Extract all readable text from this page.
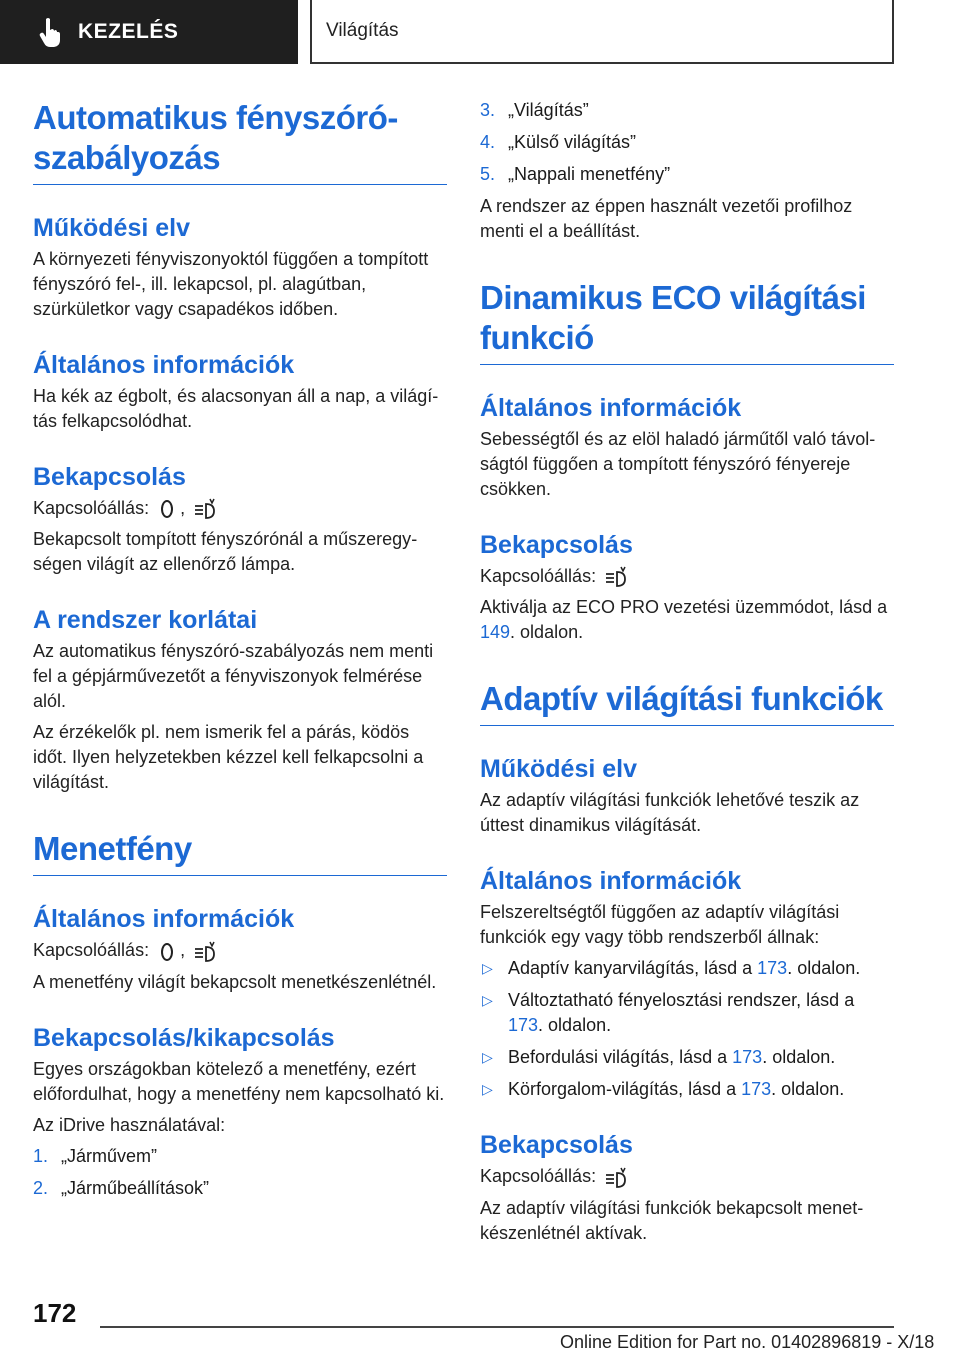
KEZELÉS	Világítás
Automatikus fényszóró-szabályozás
Működési elv

A környezeti fényviszonyoktól függően a tompított fényszóró fel-, ill. lekapcsol, pl. alagútban, szürkületkor vagy csapadékos időben.

Általános információk

Ha kék az égbolt, és alacsonyan áll a nap, a világítás felkapcsolódhat.

Bekapcsolás

Kapcsolóállás: ,

Bekapcsolt tompított fényszórónál a műszeregységen világít az ellenőrző lámpa.

A rendszer korlátai

Az automatikus fényszóró-szabályozás nem menti fel a gépjárművezetőt a fényviszonyok felmérése alól.

Az érzékelők pl. nem ismerik fel a párás, ködös időt. Ilyen helyzetekben kézzel kell felkapcsolni a világítást.

Menetfény
Általános információk

Kapcsolóállás: ,

A menetfény világít bekapcsolt menetkészenlétnél.

Bekapcsolás/kikapcsolás

Egyes országokban kötelező a menetfény, ezért előfordulhat, hogy a menetfény nem kapcsolható ki.

Az iDrive használatával:

1. „Járművem”
2. „Járműbeállítások”
3. „Világítás”
4. „Külső világítás”
5. „Nappali menetfény”

A rendszer az éppen használt vezetői profilhoz menti el a beállítást.

Dinamikus ECO világítási funkció
Általános információk

Sebességtől és az elöl haladó járműtől való távolságtól függően a tompított fényszóró fényereje csökken.

Bekapcsolás

Kapcsolóállás:

Aktiválja az ECO PRO vezetési üzemmódot, lásd a 149. oldalon.

Adaptív világítási funkciók
Működési elv

Az adaptív világítási funkciók lehetővé teszik az úttest dinamikus világítását.

Általános információk

Felszereltségtől függően az adaptív világítási funkciók egy vagy több rendszerből állnak:

▷ Adaptív kanyarvilágítás, lásd a 173. oldalon.
▷ Változtatható fényelosztási rendszer, lásd a 173. oldalon.
▷ Befordulási világítás, lásd a 173. oldalon.
▷ Körforgalom-világítás, lásd a 173. oldalon.
Bekapcsolás

Kapcsolóállás:

Az adaptív világítási funkciók bekapcsolt menetkészenlétnél aktívak.

172
Online Edition for Part no. 01402896819 - X/18
